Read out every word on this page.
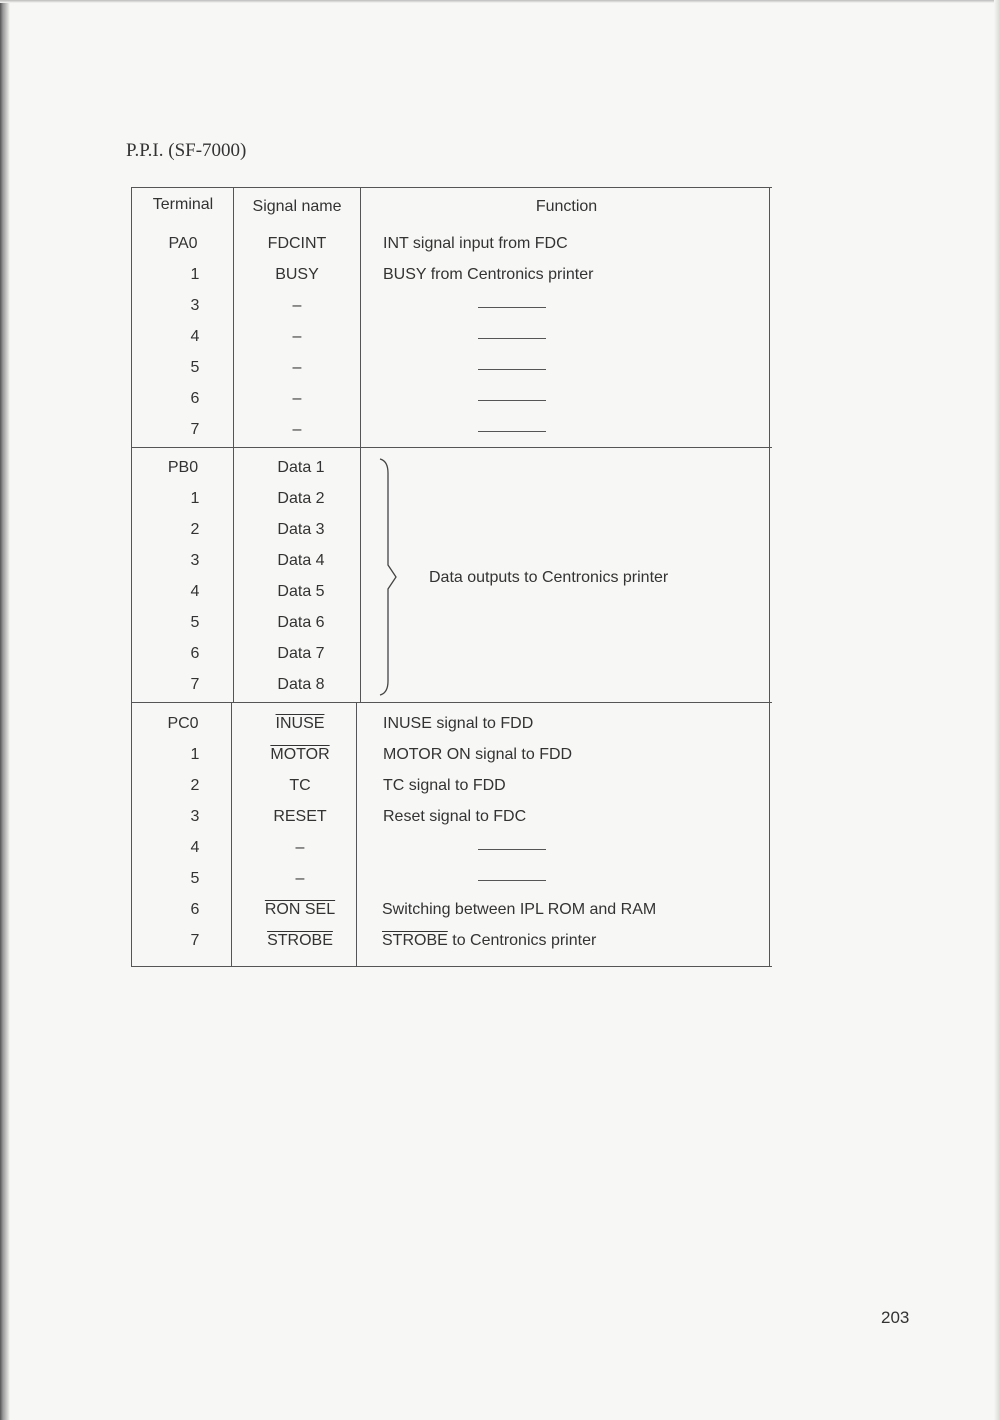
P.P.I. (SF-7000)
Terminal	Signal name	Function
PA0	FDCINT	INT signal input from FDC
1	BUSY	BUSY from Centronics printer
3	–
4	–
5	–
6	–
7	–
PB0	Data 1
1	Data 2
2	Data 3
3	Data 4
4	Data 5
5	Data 6
6	Data 7
7	Data 8
Data outputs to Centronics printer
PC0	INUSE	INUSE signal to FDD
1	MOTOR	MOTOR ON signal to FDD
2	TC	TC signal to FDD
3	RESET	Reset signal to FDC
4	–
5	–
6	RON SEL	Switching between IPL ROM and RAM
7	STROBE	STROBE to Centronics printer
203
